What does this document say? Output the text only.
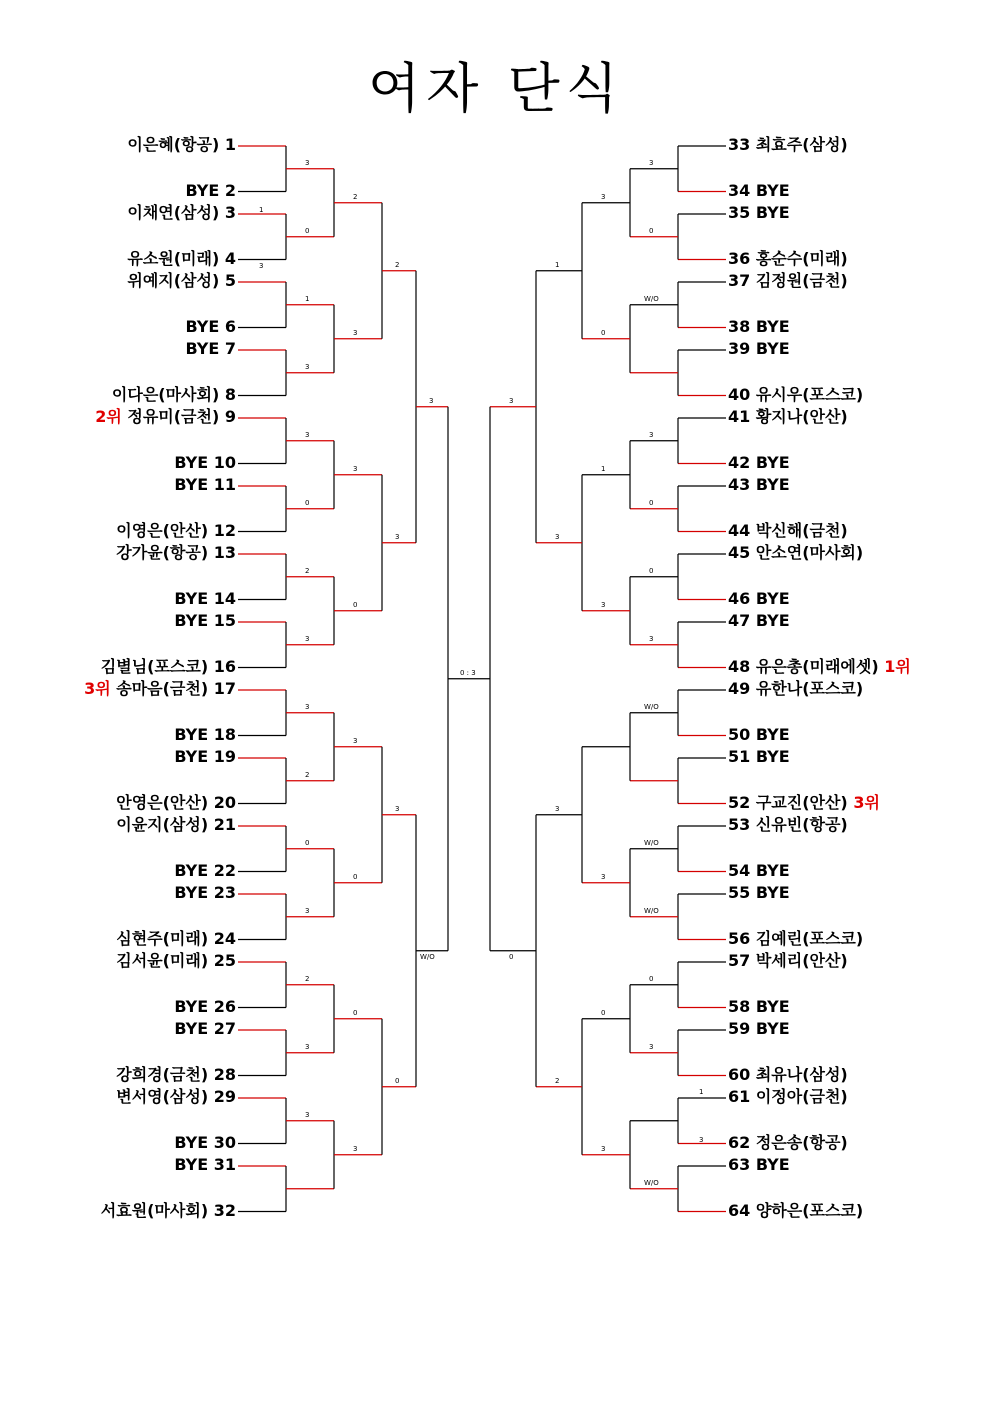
여자 단식
이은혜(항공) 1
BYE 2
이채연(삼성) 3
유소원(미래) 4
위예지(삼성) 5
BYE 6
BYE 7
이다은(마사회) 8
2위 정유미(금천) 9
BYE 10
BYE 11
이영은(안산) 12
강가윤(항공) 13
BYE 14
BYE 15
김별님(포스코) 16
3위 송마음(금천) 17
BYE 18
BYE 19
안영은(안산) 20
이윤지(삼성) 21
BYE 22
BYE 23
심현주(미래) 24
김서윤(미래) 25
BYE 26
BYE 27
강희경(금천) 28
변서영(삼성) 29
BYE 30
BYE 31
서효원(마사회) 32
3
0
1
3
3
0
2
3
3
2
0
3
2
3
3
2
3
3
0
3
0
0
3
2
3
3
0
3
W/O
1
3
33 최효주(삼성)
34 BYE
35 BYE
36 홍순수(미래)
37 김정원(금천)
38 BYE
39 BYE
40 유시우(포스코)
41 황지나(안산)
42 BYE
43 BYE
44 박신해(금천)
45 안소연(마사회)
46 BYE
47 BYE
48 유은총(미래에셋) 1위
49 유한나(포스코)
50 BYE
51 BYE
52 구교진(안산) 3위
53 신유빈(항공)
54 BYE
55 BYE
56 김예린(포스코)
57 박세리(안산)
58 BYE
59 BYE
60 최유나(삼성)
61 이정아(금천)
62 정은송(항공)
63 BYE
64 양하은(포스코)
3
0
W/O
3
0
0
3
W/O
W/O
W/O
0
3
W/O
3
0
1
3
3
0
3
1
3
3
2
3
0
1
3
0 : 3
